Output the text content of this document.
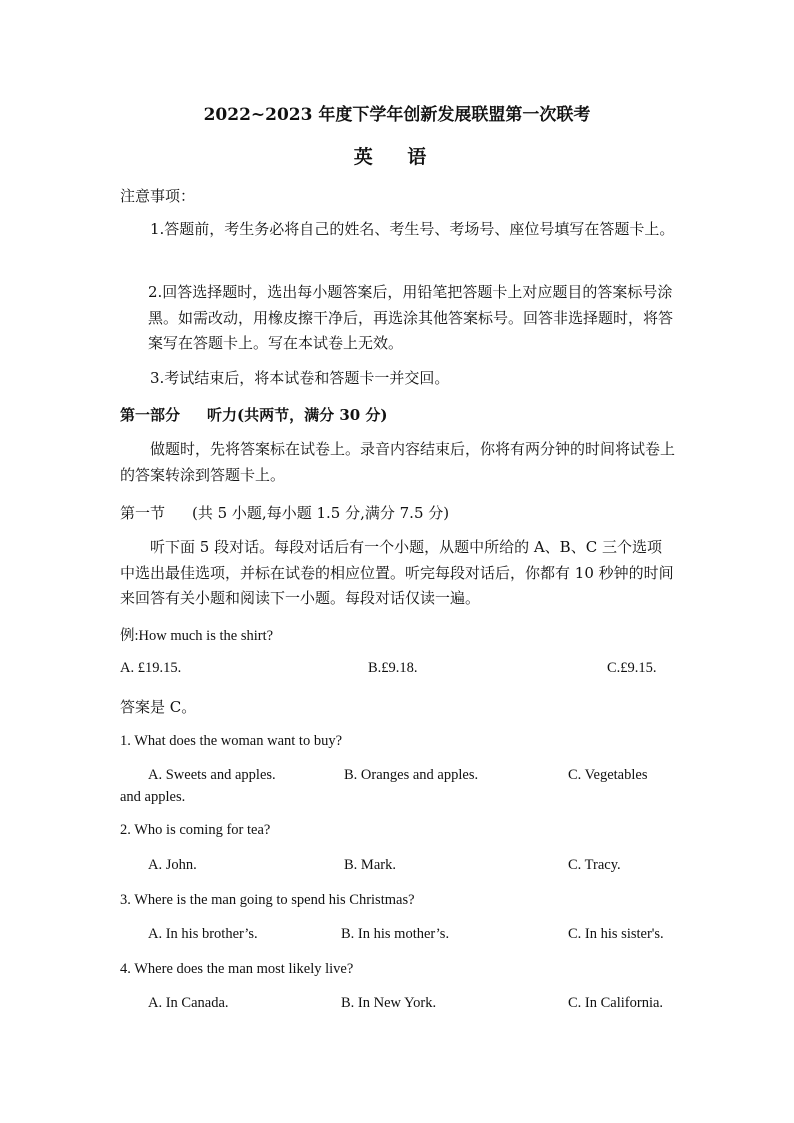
2022~2023 年度下学年创新发展联盟第一次联考
英 语
注意事项：
1.答题前，考生务必将自己的姓名、考生号、考场号、座位号填写在答题卡上。
2.回答选择题时，选出每小题答案后，用铅笔把答题卡上对应题目的答案标号涂黑。如需改动，用橡皮擦干净后，再选涂其他答案标号。回答非选择题时，将答案写在答题卡上。写在本试卷上无效。
3.考试结束后，将本试卷和答题卡一并交回。
第一部分 听力(共两节，满分 30 分)
做题时，先将答案标在试卷上。录音内容结束后，你将有两分钟的时间将试卷上的答案转涂到答题卡上。
第一节 (共 5 小题,每小题 1.5 分,满分 7.5 分)
听下面 5 段对话。每段对话后有一个小题，从题中所给的 A、B、C 三个选项中选出最佳选项，并标在试卷的相应位置。听完每段对话后，你都有 10 秒钟的时间来回答有关小题和阅读下一小题。每段对话仅读一遍。
例:How much is the shirt?
A. £19.15.	B.£9.18.	C.£9.15.
答案是 C。
1. What does the woman want to buy?
A. Sweets and apples.	B. Oranges and apples.	C. Vegetables
and apples.
2. Who is coming for tea?
A. John.	B. Mark.	C. Tracy.
3. Where is the man going to spend his Christmas?
A. In his brother’s.	B. In his mother’s.	C. In his sister's.
4. Where does the man most likely live?
A. In Canada.	B. In New York.	C. In California.
